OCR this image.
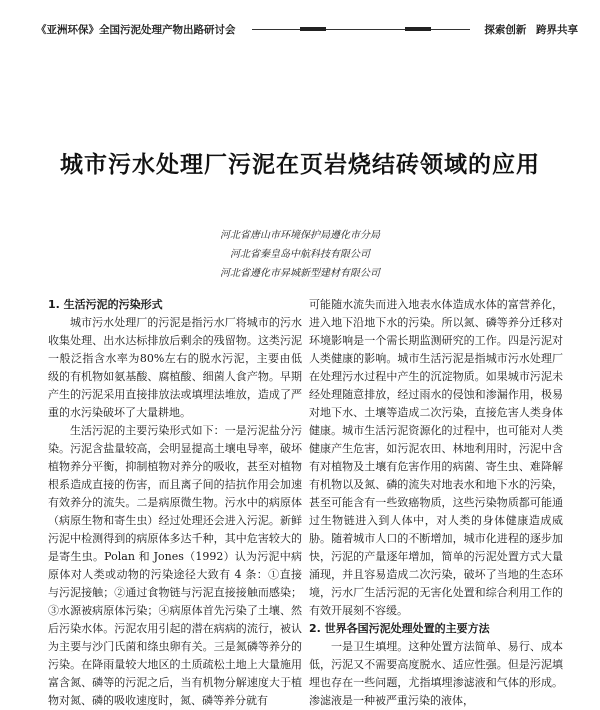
《亚洲环保》全国污泥处理产物出路研讨会	探索创新 跨界共享
城市污水处理厂污泥在页岩烧结砖领域的应用
河北省唐山市环境保护局遵化市分局
河北省秦皇岛中航科技有限公司
河北省遵化市昇城新型建材有限公司
1. 生活污泥的污染形式

城市污水处理厂的污泥是指污水厂将城市的污水收集处理、出水达标排放后剩余的残留物。这类污泥一般泛指含水率为80%左右的脱水污泥，主要由低级的有机物如氨基酸、腐植酸、细菌人食产物。早期产生的污泥采用直接排放法或填埋法堆放，造成了严重的水污染破坏了大量耕地。

生活污泥的主要污染形式如下：一是污泥盐分污染。污泥含盐量较高，会明显提高土壤电导率，破坏植物养分平衡，抑制植物对养分的吸收，甚至对植物根系造成直接的伤害，而且离子间的拮抗作用会加速有效养分的流失。二是病原微生物。污水中的病原体（病原生物和寄生虫）经过处理还会进入污泥。新鲜污泥中检测得到的病原体多达千种，其中危害较大的是寄生虫。Polan 和 Jones（1992）认为污泥中病原体对人类或动物的污染途径大致有 4 条：①直接与污泥接触；②通过食物链与污泥直接接触而感染；③水源被病原体污染；④病原体首先污染了土壤、然后污染水体。污泥农用引起的潜在病病的流行，被认为主要与沙门氏菌和绦虫卵有关。三是氮磷等养分的污染。在降雨量较大地区的土质疏松土地上大量施用富含氮、磷等的污泥之后，当有机物分解速度大于植物对氮、磷的吸收速度时，氮、磷等养分就有

可能随水流失而进入地表水体造成水体的富营养化，进入地下沿地下水的污染。所以氮、磷等养分迁移对环境影响是一个需长期监测研究的工作。四是污泥对人类健康的影响。城市生活污泥是指城市污水处理厂在处理污水过程中产生的沉淀物质。如果城市污泥未经处理随意排放，经过雨水的侵蚀和渗漏作用，极易对地下水、土壤等造成二次污染，直接危害人类身体健康。城市生活污泥资源化的过程中，也可能对人类健康产生危害，如污泥农田、林地利用时，污泥中含有对植物及土壤有危害作用的病菌、寄生虫、难降解有机物以及氮、磷的流失对地表水和地下水的污染，甚至可能含有一些致癌物质，这些污染物质都可能通过生物链进入到人体中，对人类的身体健康造成威胁。随着城市人口的不断增加，城市化进程的逐步加快，污泥的产量逐年增加，简单的污泥处置方式大量涌现，并且容易造成二次污染，破坏了当地的生态环境，污水厂生活污泥的无害化处置和综合利用工作的有效开展刻不容缓。

2. 世界各国污泥处理处置的主要方法

一是卫生填埋。这种处置方法简单、易行、成本低，污泥又不需要高度脱水、适应性强。但是污泥填埋也存在一些问题，尤指填埋渗滤液和气体的形成。渗滤液是一种被严重污染的液体，
